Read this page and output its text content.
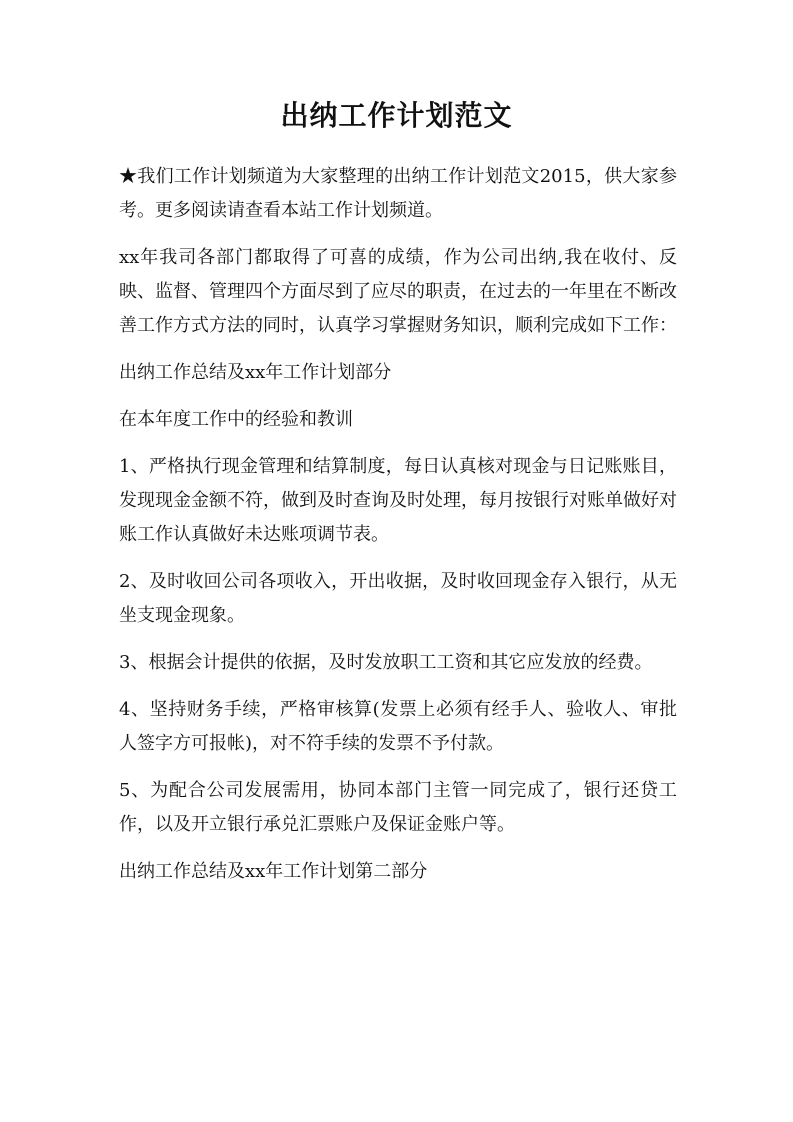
出纳工作计划范文

★我们工作计划频道为大家整理的出纳工作计划范文2015，供大家参考。更多阅读请查看本站工作计划频道。

xx年我司各部门都取得了可喜的成绩，作为公司出纳,我在收付、反映、监督、管理四个方面尽到了应尽的职责，在过去的一年里在不断改善工作方式方法的同时，认真学习掌握财务知识，顺利完成如下工作：

出纳工作总结及xx年工作计划部分

在本年度工作中的经验和教训

1、严格执行现金管理和结算制度，每日认真核对现金与日记账账目，发现现金金额不符，做到及时查询及时处理，每月按银行对账单做好对账工作认真做好未达账项调节表。

2、及时收回公司各项收入，开出收据，及时收回现金存入银行，从无坐支现金现象。

3、根据会计提供的依据，及时发放职工工资和其它应发放的经费。

4、坚持财务手续，严格审核算(发票上必须有经手人、验收人、审批人签字方可报帐)，对不符手续的发票不予付款。

5、为配合公司发展需用，协同本部门主管一同完成了，银行还贷工作，以及开立银行承兑汇票账户及保证金账户等。

出纳工作总结及xx年工作计划第二部分
